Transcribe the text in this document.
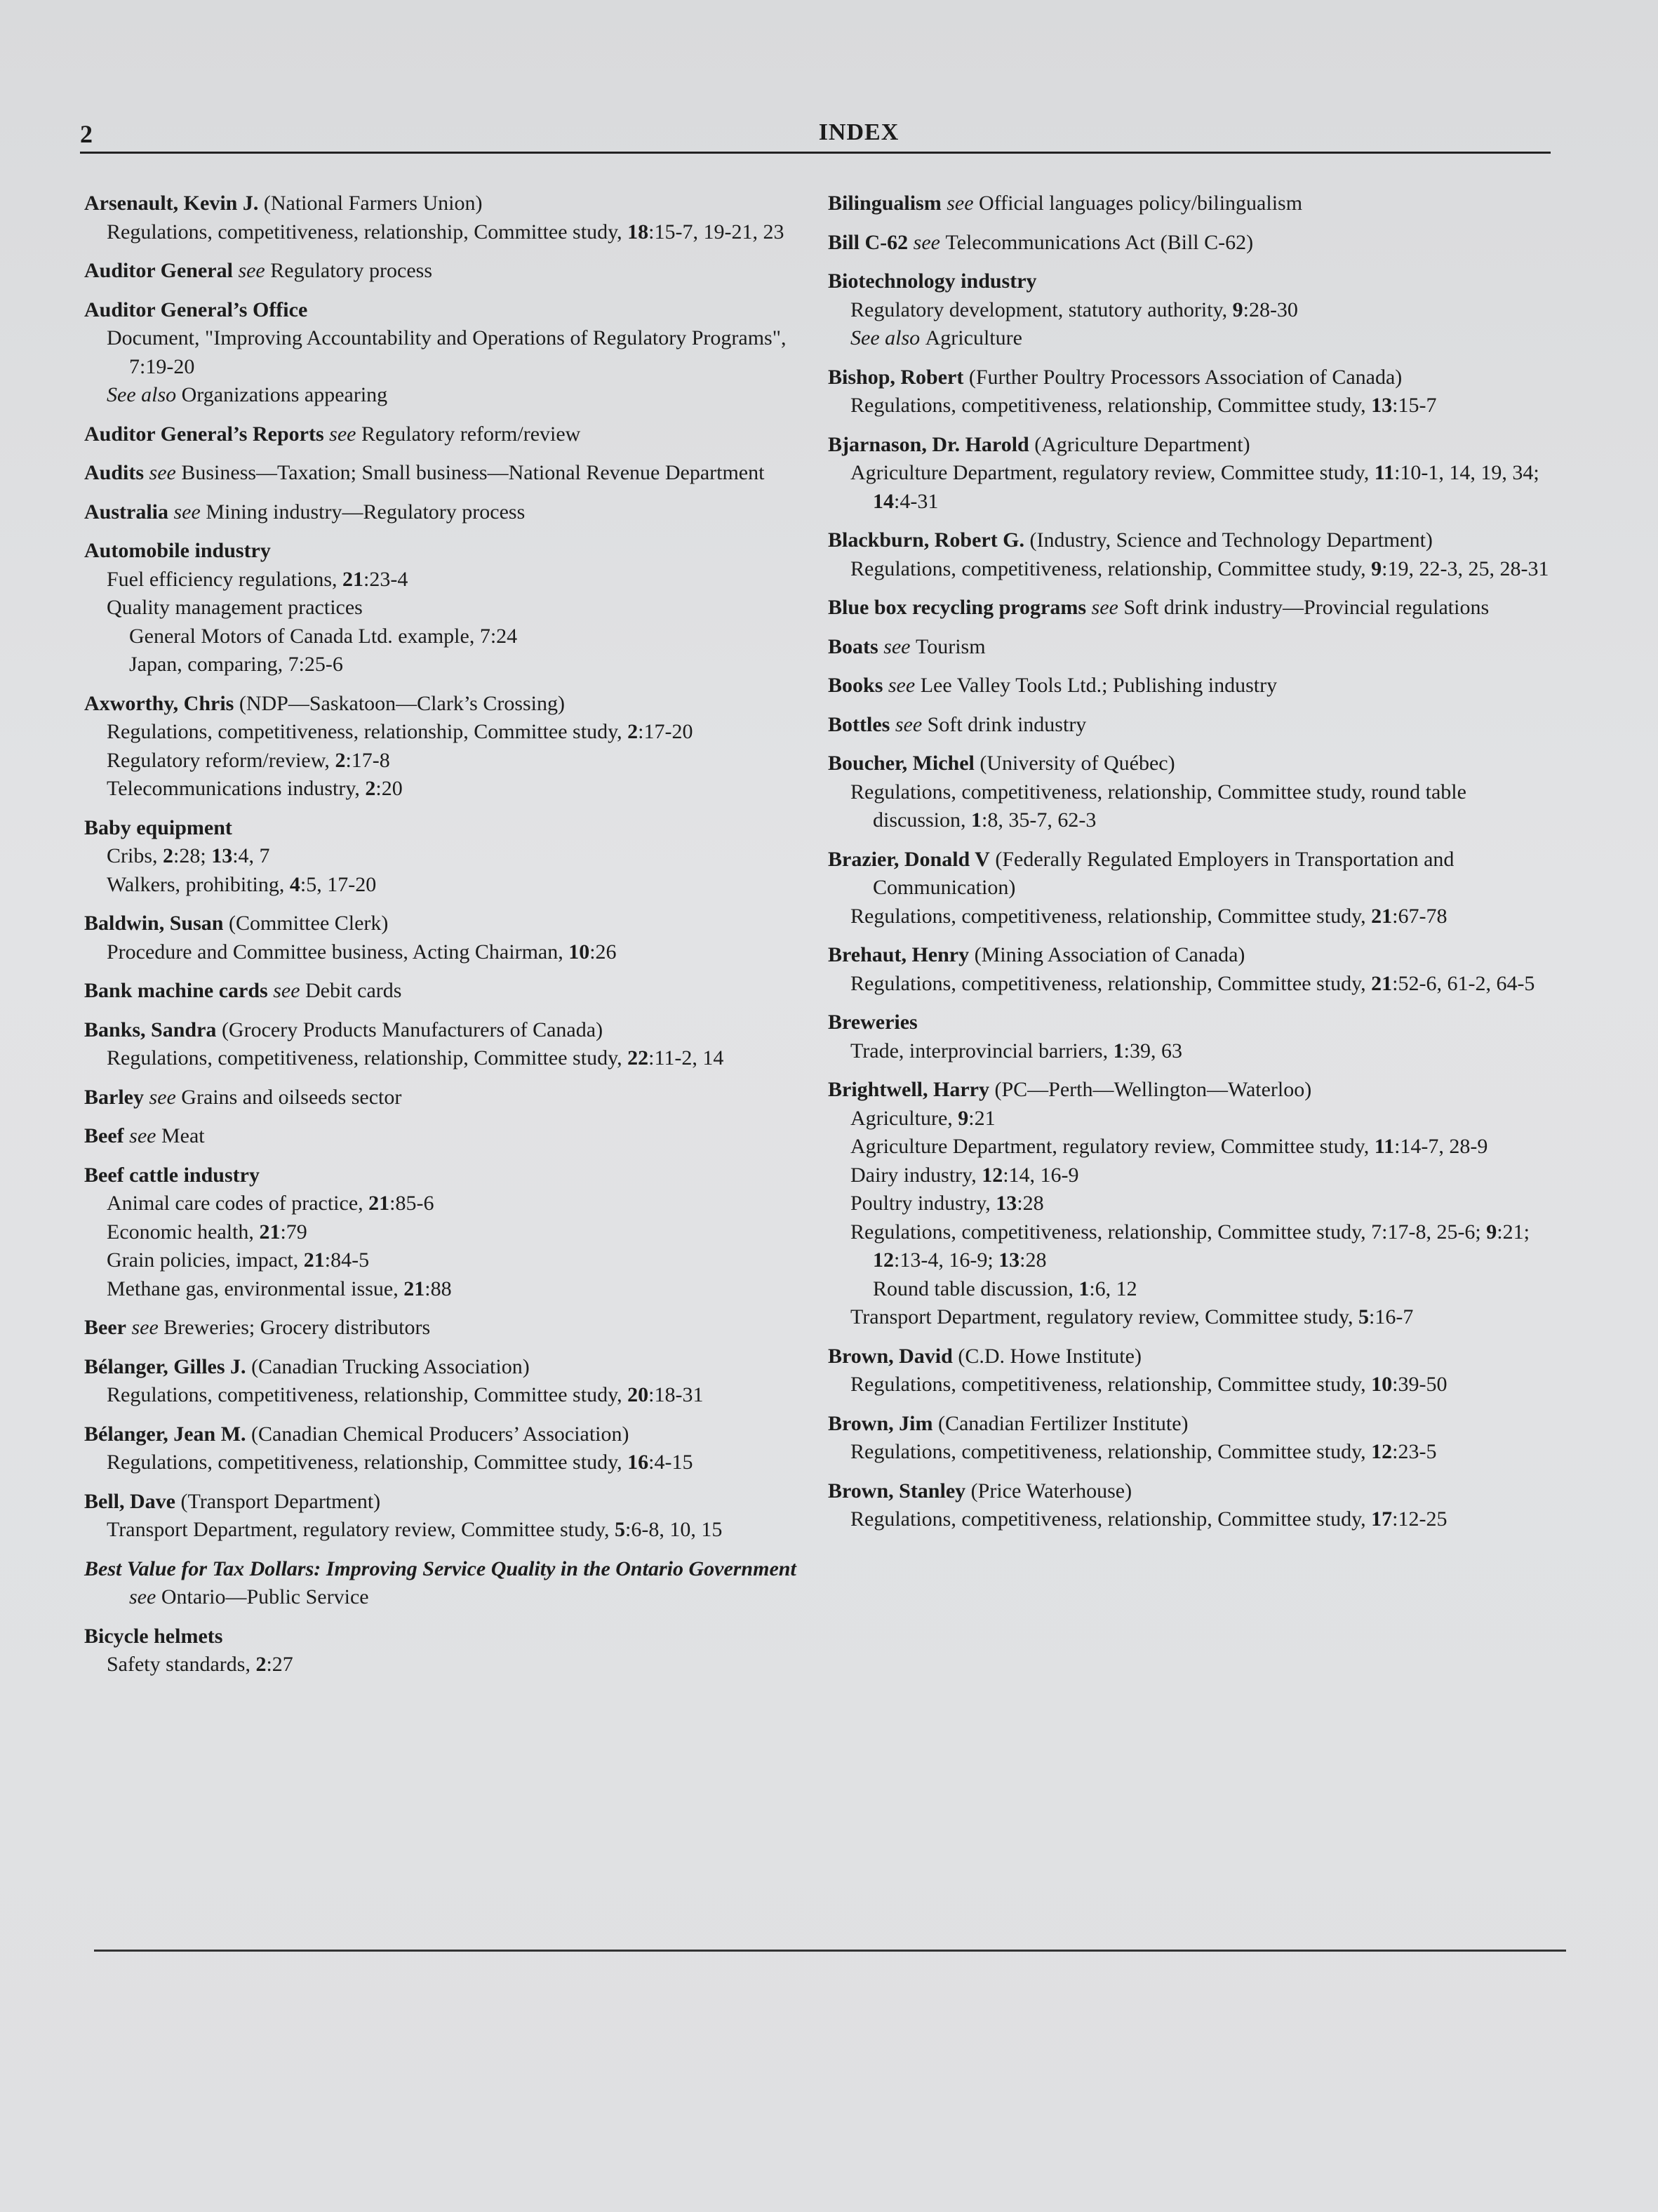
2	INDEX
Arsenault, Kevin J. (National Farmers Union)
Regulations, competitiveness, relationship, Committee study, 18:15-7, 19-21, 23
Auditor General see Regulatory process
Auditor General’s Office
Document, "Improving Accountability and Operations of Regulatory Programs", 7:19-20
See also Organizations appearing
Auditor General’s Reports see Regulatory reform/review
Audits see Business—Taxation; Small business—National Revenue Department
Australia see Mining industry—Regulatory process
Automobile industry
Fuel efficiency regulations, 21:23-4
Quality management practices
General Motors of Canada Ltd. example, 7:24
Japan, comparing, 7:25-6
Axworthy, Chris (NDP—Saskatoon—Clark’s Crossing)
Regulations, competitiveness, relationship, Committee study, 2:17-20
Regulatory reform/review, 2:17-8
Telecommunications industry, 2:20
Baby equipment
Cribs, 2:28; 13:4, 7
Walkers, prohibiting, 4:5, 17-20
Baldwin, Susan (Committee Clerk)
Procedure and Committee business, Acting Chairman, 10:26
Bank machine cards see Debit cards
Banks, Sandra (Grocery Products Manufacturers of Canada)
Regulations, competitiveness, relationship, Committee study, 22:11-2, 14
Barley see Grains and oilseeds sector
Beef see Meat
Beef cattle industry
Animal care codes of practice, 21:85-6
Economic health, 21:79
Grain policies, impact, 21:84-5
Methane gas, environmental issue, 21:88
Beer see Breweries; Grocery distributors
Bélanger, Gilles J. (Canadian Trucking Association)
Regulations, competitiveness, relationship, Committee study, 20:18-31
Bélanger, Jean M. (Canadian Chemical Producers’ Association)
Regulations, competitiveness, relationship, Committee study, 16:4-15
Bell, Dave (Transport Department)
Transport Department, regulatory review, Committee study, 5:6-8, 10, 15
Best Value for Tax Dollars: Improving Service Quality in the Ontario Government see Ontario—Public Service
Bicycle helmets
Safety standards, 2:27
Bilingualism see Official languages policy/bilingualism
Bill C-62 see Telecommunications Act (Bill C-62)
Biotechnology industry
Regulatory development, statutory authority, 9:28-30
See also Agriculture
Bishop, Robert (Further Poultry Processors Association of Canada)
Regulations, competitiveness, relationship, Committee study, 13:15-7
Bjarnason, Dr. Harold (Agriculture Department)
Agriculture Department, regulatory review, Committee study, 11:10-1, 14, 19, 34; 14:4-31
Blackburn, Robert G. (Industry, Science and Technology Department)
Regulations, competitiveness, relationship, Committee study, 9:19, 22-3, 25, 28-31
Blue box recycling programs see Soft drink industry—Provincial regulations
Boats see Tourism
Books see Lee Valley Tools Ltd.; Publishing industry
Bottles see Soft drink industry
Boucher, Michel (University of Québec)
Regulations, competitiveness, relationship, Committee study, round table discussion, 1:8, 35-7, 62-3
Brazier, Donald V (Federally Regulated Employers in Transportation and Communication)
Regulations, competitiveness, relationship, Committee study, 21:67-78
Brehaut, Henry (Mining Association of Canada)
Regulations, competitiveness, relationship, Committee study, 21:52-6, 61-2, 64-5
Breweries
Trade, interprovincial barriers, 1:39, 63
Brightwell, Harry (PC—Perth—Wellington—Waterloo)
Agriculture, 9:21
Agriculture Department, regulatory review, Committee study, 11:14-7, 28-9
Dairy industry, 12:14, 16-9
Poultry industry, 13:28
Regulations, competitiveness, relationship, Committee study, 7:17-8, 25-6; 9:21; 12:13-4, 16-9; 13:28
Round table discussion, 1:6, 12
Transport Department, regulatory review, Committee study, 5:16-7
Brown, David (C.D. Howe Institute)
Regulations, competitiveness, relationship, Committee study, 10:39-50
Brown, Jim (Canadian Fertilizer Institute)
Regulations, competitiveness, relationship, Committee study, 12:23-5
Brown, Stanley (Price Waterhouse)
Regulations, competitiveness, relationship, Committee study, 17:12-25
